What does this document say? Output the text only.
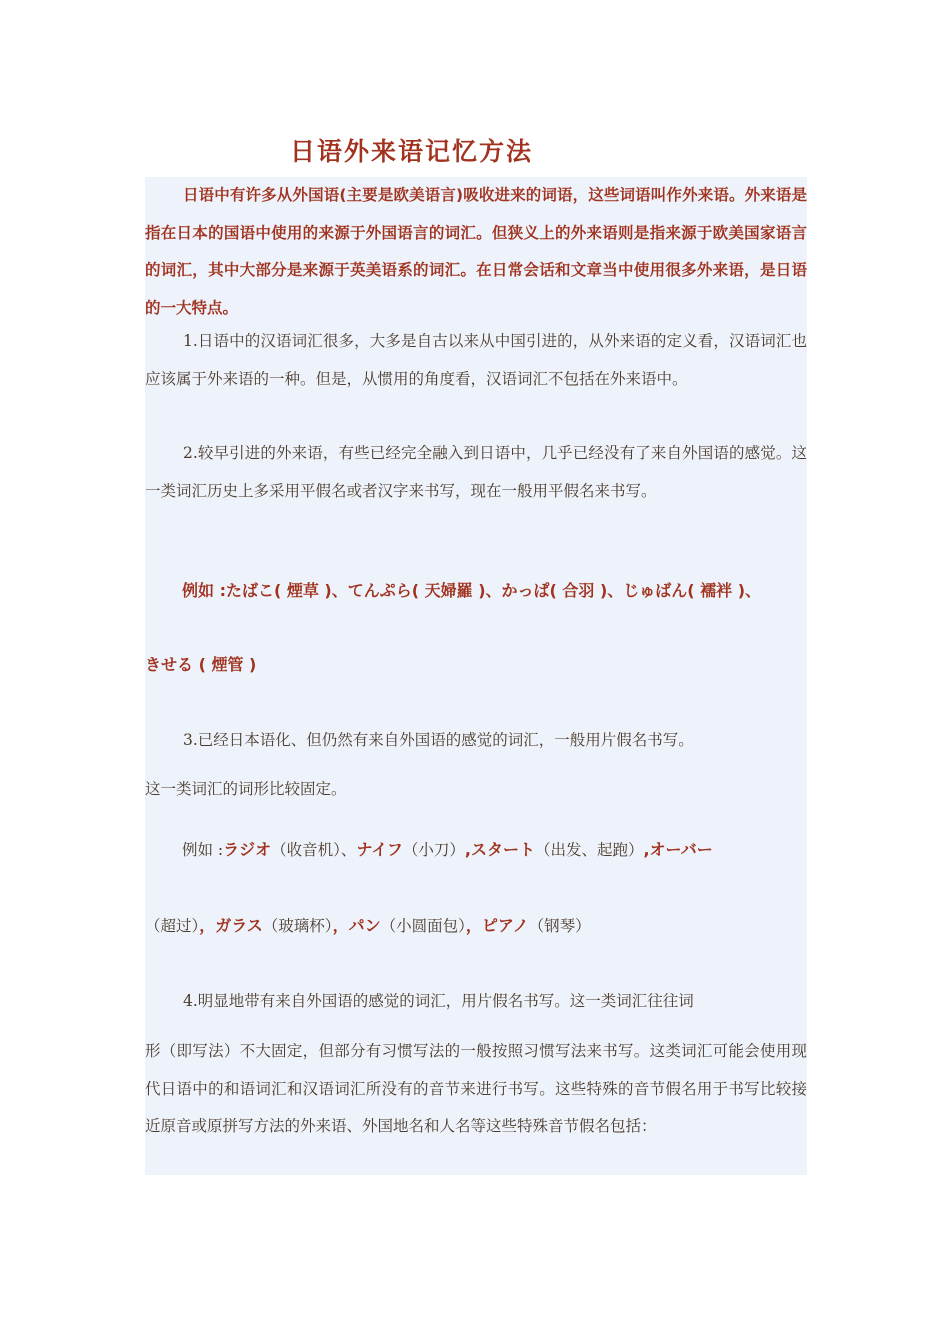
日语外来语记忆方法

日语中有许多从外国语(主要是欧美语言)吸收进来的词语，这些词语叫作外来语。外来语是指在日本的国语中使用的来源于外国语言的词汇。但狭义上的外来语则是指来源于欧美国家语言的词汇，其中大部分是来源于英美语系的词汇。在日常会话和文章当中使用很多外来语，是日语的一大特点。

1.日语中的汉语词汇很多，大多是自古以来从中国引进的，从外来语的定义看，汉语词汇也应该属于外来语的一种。但是，从惯用的角度看，汉语词汇不包括在外来语中。

2.较早引进的外来语，有些已经完全融入到日语中，几乎已经没有了来自外国语的感觉。这一类词汇历史上多采用平假名或者汉字来书写，现在一般用平假名来书写。

例如 :たばこ( 煙草 )、てんぷら( 天婦羅 )、かっぱ( 合羽 )、じゅばん( 襦袢 )、

きせる ( 煙管 )

3.已经日本语化、但仍然有来自外国语的感觉的词汇，一般用片假名书写。

这一类词汇的词形比较固定。

例如 :ラジオ（收音机）、ナイフ（小刀）,スタート（出发、起跑）,オーバー

（超过），ガラス（玻璃杯），パン（小圆面包），ピアノ（钢琴）

4.明显地带有来自外国语的感觉的词汇，用片假名书写。这一类词汇往往词

形（即写法）不大固定，但部分有习惯写法的一般按照习惯写法来书写。这类词汇可能会使用现代日语中的和语词汇和汉语词汇所没有的音节来进行书写。这些特殊的音节假名用于书写比较接近原音或原拼写方法的外来语、外国地名和人名等这些特殊音节假名包括：
